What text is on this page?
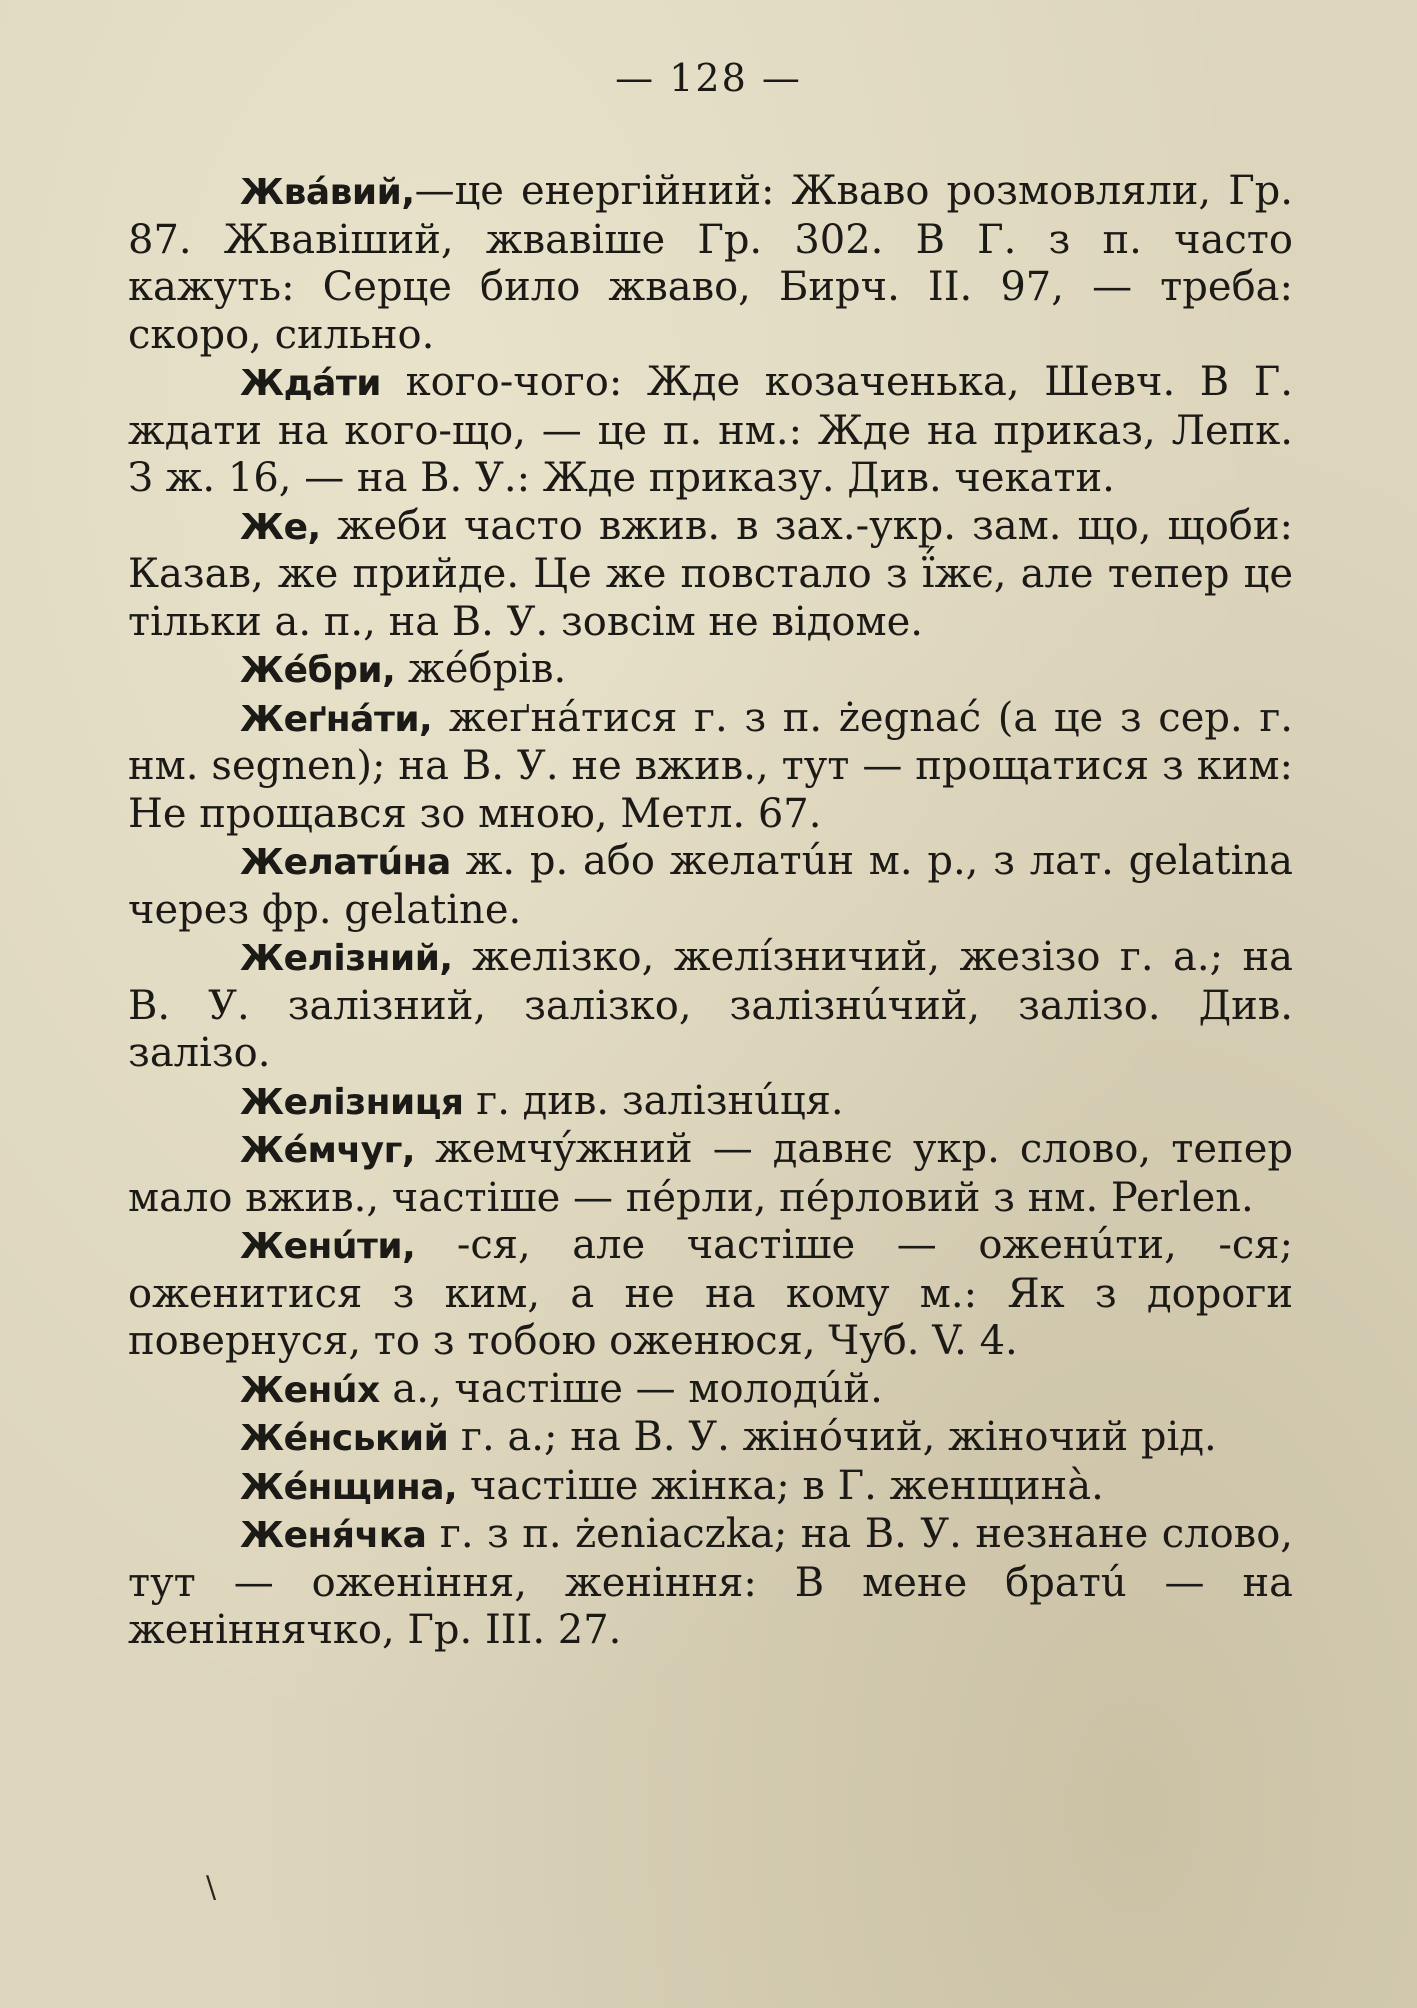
— 128 —

Жвáвий,—це енергійний: Жваво розмовляли, Гр. 87. Жвавіший, жвавіше Гр. 302. В Г. з п. часто кажуть: Серце било жваво, Бирч. II. 97, — треба: скоро, сильно.

Ждáти кого-чого: Жде козаченька, Шевч. В Г. ждати на кого-що, — це п. нм.: Жде на приказ, Лепк. З ж. 16, — на В. У.: Жде приказу. Див. чекати.

Же, жеби часто вжив. в зах.-укр. зам. що, щоби: Казав, же прийде. Це же повстало з ї́жє, але тепер це тільки а. п., на В. У. зовсім не відоме.

Жéбри, жéбрів.

Жеґнáти, жеґнáтися г. з п. żegnać (а це з сер. г. нм. segnen); на В. У. не вжив., тут — прощатися з ким: Не прощався зо мною, Метл. 67.

Желатúна ж. р. або желатúн м. р., з лат. gelatina через фр. gelatine.

Желізний, желізко, желíзничий, жезізо г. а.; на В. У. залізний, залізко, залізнúчий, залізо. Див. залізо.

Желізниця г. див. залізнúця.

Жéмчуг, жемчýжний — давнє укр. слово, тепер мало вжив., частіше — пéрли, пéрловий з нм. Perlen.

Женúти, -ся, але частіше — оженúти, -ся; оженитися з ким, а не на кому м.: Як з дороги повернуся, то з тобою оженюся, Чуб. V. 4.

Женúх а., частіше — молодúй.

Жéнський г. а.; на В. У. жінóчий, жіночий рід.

Жéнщина, частіше жінка; в Г. женщинà.

Женя́чка г. з п. żeniaczka; на В. У. незнане слово, тут — оженіння, женіння: В мене братú — на женіннячко, Гр. III. 27.

\
